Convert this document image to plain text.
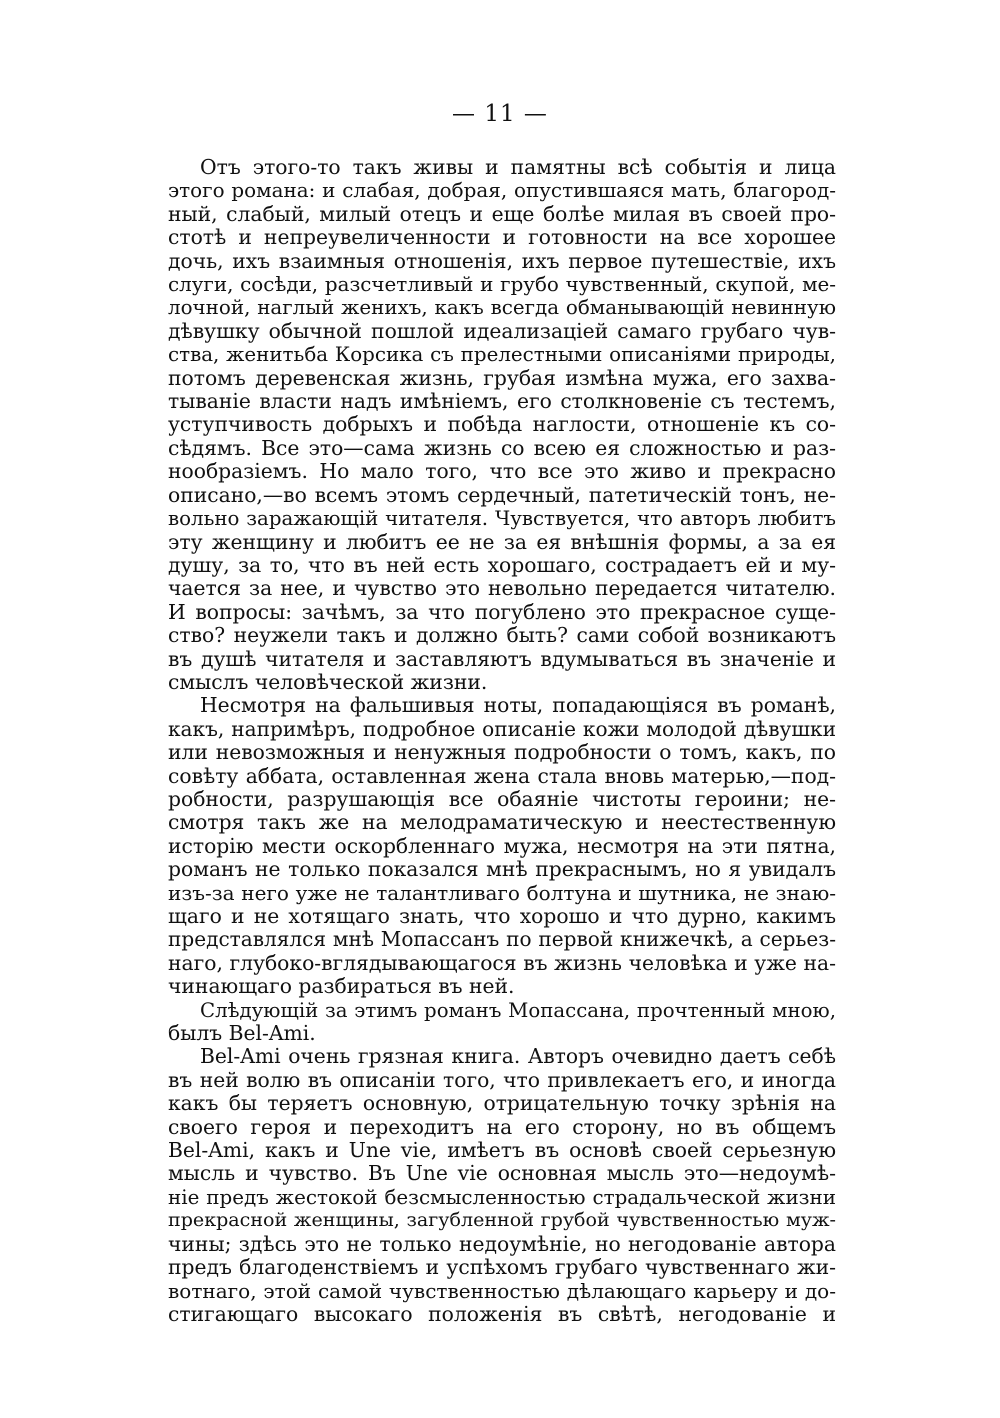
— 11 —

Отъ этого-то такъ живы и памятны всѣ событія и лица
этого романа: и слабая, добрая, опустившаяся мать, благород-
ный, слабый, милый отецъ и еще болѣе милая въ своей про-
стотѣ и непреувеличенности и готовности на все хорошее
дочь, ихъ взаимныя отношенія, ихъ первое путешествіе, ихъ
слуги, сосѣди, разсчетливый и грубо чувственный, скупой, ме-
лочной, наглый женихъ, какъ всегда обманывающій невинную
дѣвушку обычной пошлой идеализаціей самаго грубаго чув-
ства, женитьба Корсика съ прелестными описаніями природы,
потомъ деревенская жизнь, грубая измѣна мужа, его захва-
тываніе власти надъ имѣніемъ, его столкновеніе съ тестемъ,
уступчивость добрыхъ и побѣда наглости, отношеніе къ со-
сѣдямъ. Все это—сама жизнь со всею ея сложностью и раз-
нообразіемъ. Но мало того, что все это живо и прекрасно
описано,—во всемъ этомъ сердечный, патетическій тонъ, не-
вольно заражающій читателя. Чувствуется, что авторъ любитъ
эту женщину и любитъ ее не за ея внѣшнія формы, а за ея
душу, за то, что въ ней есть хорошаго, сострадаетъ ей и му-
чается за нее, и чувство это невольно передается читателю.
И вопросы: зачѣмъ, за что погублено это прекрасное суще-
ство? неужели такъ и должно быть? сами собой возникаютъ
въ душѣ читателя и заставляютъ вдумываться въ значеніе и
смыслъ человѣческой жизни.

Несмотря на фальшивыя ноты, попадающіяся въ романѣ,
какъ, напримѣръ, подробное описаніе кожи молодой дѣвушки
или невозможныя и ненужныя подробности о томъ, какъ, по
совѣту аббата, оставленная жена стала вновь матерью,—под-
робности, разрушающія все обаяніе чистоты героини; не-
смотря такъ же на мелодраматическую и неестественную
исторію мести оскорбленнаго мужа, несмотря на эти пятна,
романъ не только показался мнѣ прекраснымъ, но я увидалъ
изъ-за него уже не талантливаго болтуна и шутника, не знаю-
щаго и не хотящаго знать, что хорошо и что дурно, какимъ
представлялся мнѣ Мопассанъ по первой книжечкѣ, а серьез-
наго, глубоко-вглядывающагося въ жизнь человѣка и уже на-
чинающаго разбираться въ ней.

Слѣдующій за этимъ романъ Мопассана, прочтенный мною,
былъ Bel-Ami.

Bel-Ami очень грязная книга. Авторъ очевидно даетъ себѣ
въ ней волю въ описаніи того, что привлекаетъ его, и иногда
какъ бы теряетъ основную, отрицательную точку зрѣнія на
своего героя и переходитъ на его сторону, но въ общемъ
Bel-Ami, какъ и Une vie, имѣетъ въ основѣ своей серьезную
мысль и чувство. Въ Une vie основная мысль это—недоумѣ-
ніе предъ жестокой безсмысленностью страдальческой жизни
прекрасной женщины, загубленной грубой чувственностью муж-
чины; здѣсь это не только недоумѣніе, но негодованіе автора
предъ благоденствіемъ и успѣхомъ грубаго чувственнаго жи-
вотнаго, этой самой чувственностью дѣлающаго карьеру и до-
стигающаго высокаго положенія въ свѣтѣ, негодованіе и
